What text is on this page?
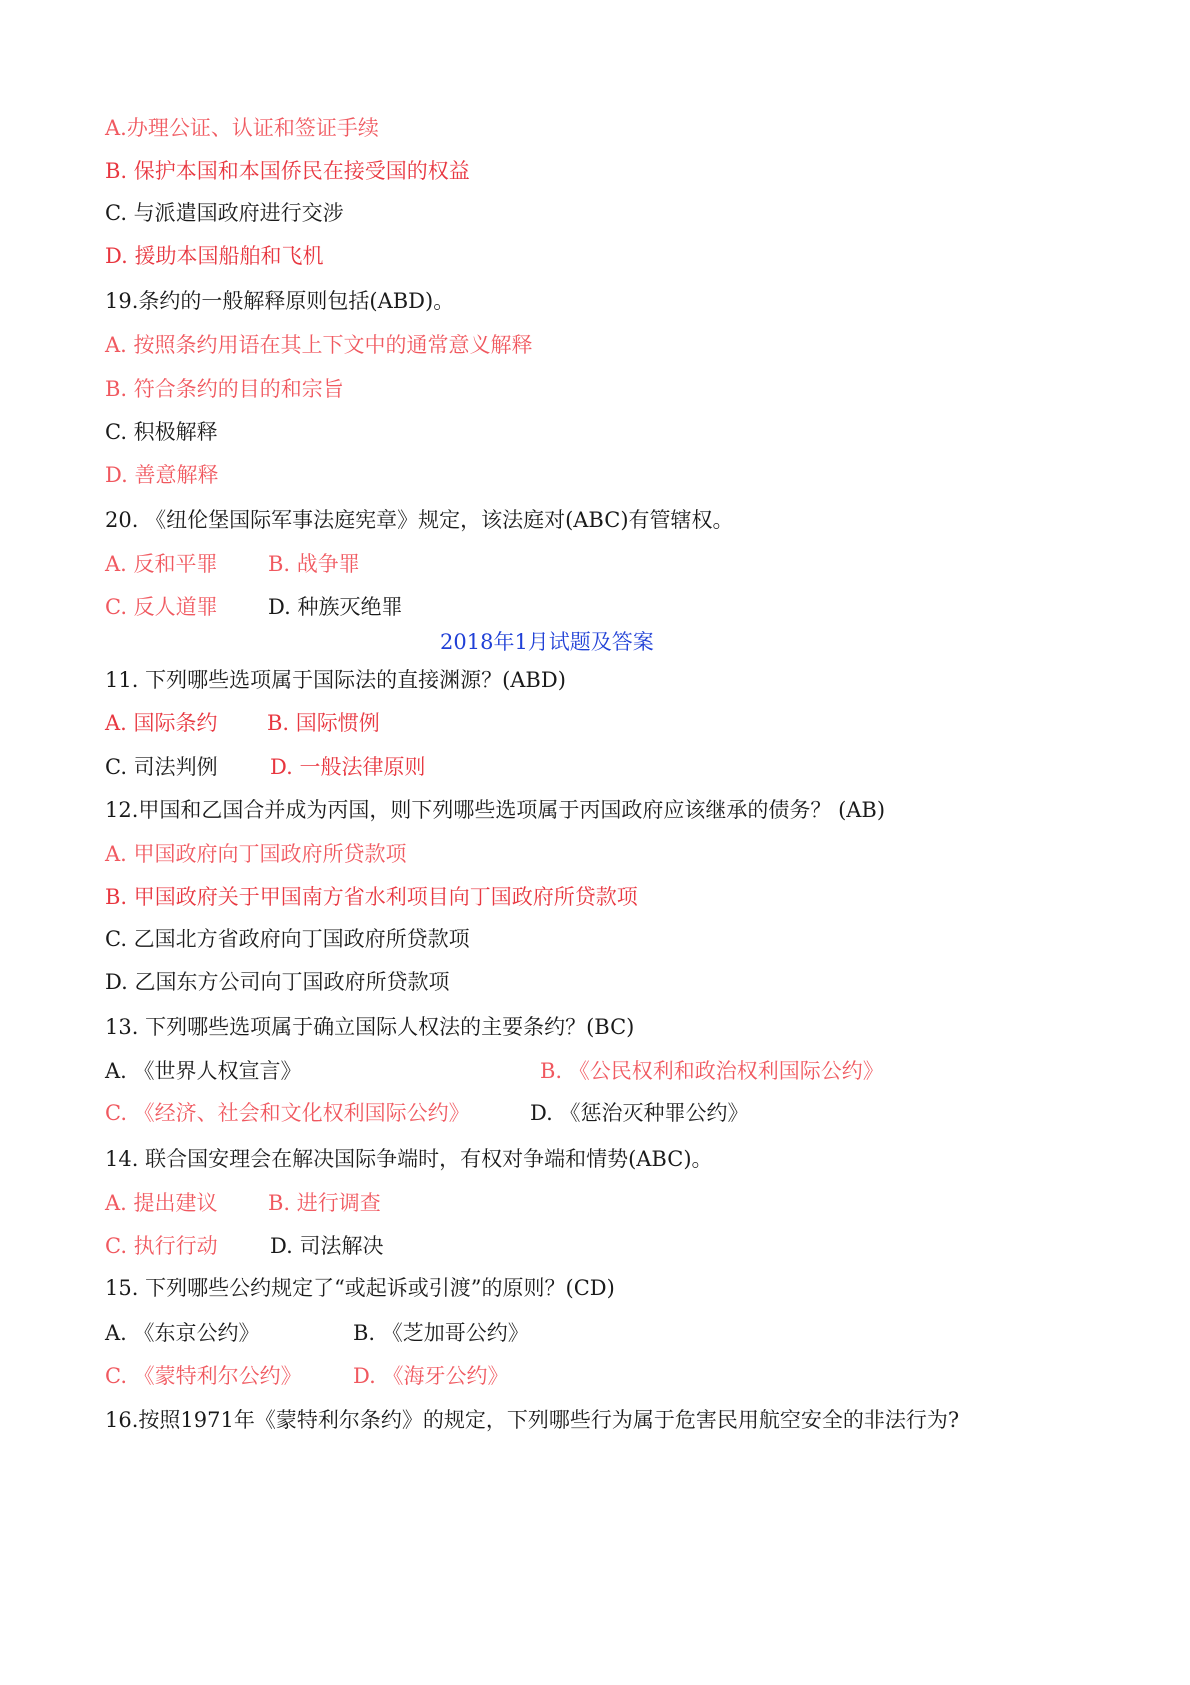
A.办理公证、认证和签证手续
B. 保护本国和本国侨民在接受国的权益
C. 与派遣国政府进行交涉
D. 援助本国船舶和飞机
19.条约的一般解释原则包括(ABD)。
A. 按照条约用语在其上下文中的通常意义解释
B. 符合条约的目的和宗旨
C. 积极解释
D. 善意解释
20. 《纽伦堡国际军事法庭宪章》规定，该法庭对(ABC)有管辖权。
A. 反和平罪 B. 战争罪
C. 反人道罪 D. 种族灭绝罪
2018年1月试题及答案
11. 下列哪些选项属于国际法的直接渊源？(ABD)
A. 国际条约 B. 国际惯例
C. 司法判例 D. 一般法律原则
12.甲国和乙国合并成为丙国，则下列哪些选项属于丙国政府应该继承的债务？ (AB)
A. 甲国政府向丁国政府所贷款项
B. 甲国政府关于甲国南方省水利项目向丁国政府所贷款项
C. 乙国北方省政府向丁国政府所贷款项
D. 乙国东方公司向丁国政府所贷款项
13. 下列哪些选项属于确立国际人权法的主要条约？(BC)
A. 《世界人权宣言》	B. 《公民权利和政治权利国际公约》
C. 《经济、社会和文化权利国际公约》	D. 《惩治灭种罪公约》
14. 联合国安理会在解决国际争端时，有权对争端和情势(ABC)。
A. 提出建议 B. 进行调查
C. 执行行动 D. 司法解决
15. 下列哪些公约规定了“或起诉或引渡”的原则？(CD)
A. 《东京公约》	B. 《芝加哥公约》
C. 《蒙特利尔公约》 D. 《海牙公约》
16.按照1971年《蒙特利尔条约》的规定，下列哪些行为属于危害民用航空安全的非法行为?
